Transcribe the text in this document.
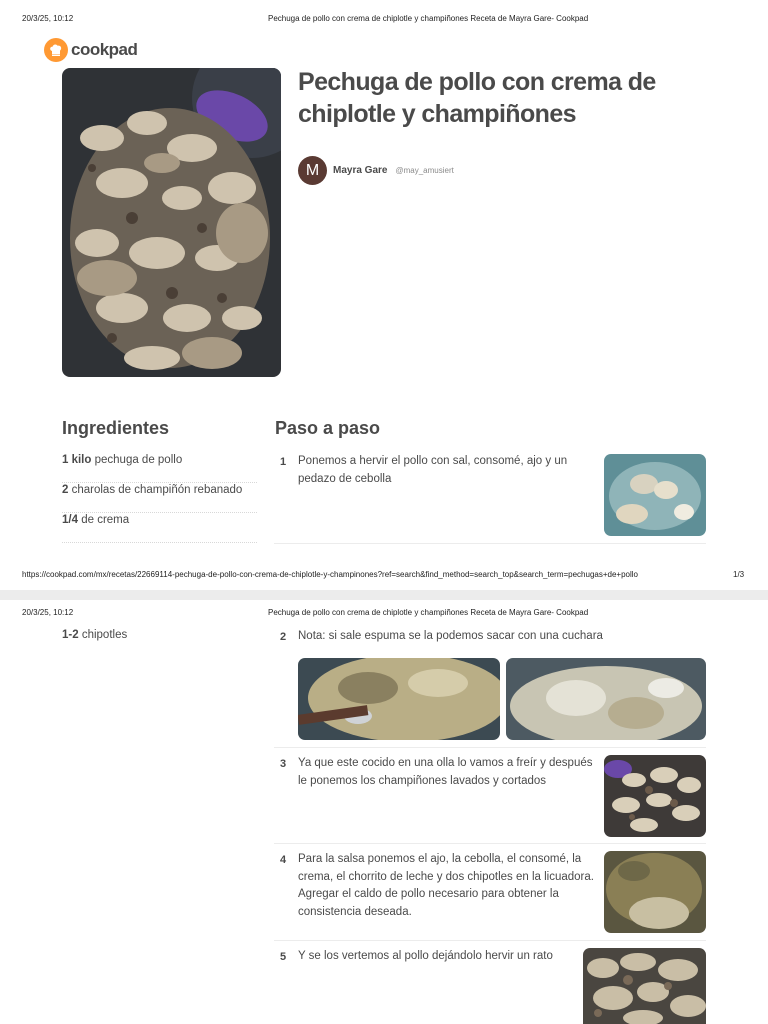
20/3/25, 10:12	Pechuga de pollo con crema de chiplotle y champiñones Receta de Mayra Gare- Cookpad
cookpad
Pechuga de pollo con crema de chiplotle y champiñones
M	Mayra Gare @may_amusiert
Ingredientes	Paso a paso
1 kilo pechuga de pollo
2 charolas de champiñón rebanado
1/4 de crema
1 Ponemos a hervir el pollo con sal, consomé, ajo y un pedazo de cebolla

https://cookpad.com/mx/recetas/22669114-pechuga-de-pollo-con-crema-de-chiplotle-y-champinones?ref=search&find_method=search_top&search_term=pechugas+de+pollo	1/3
20/3/25, 10:12	Pechuga de pollo con crema de chiplotle y champiñones Receta de Mayra Gare- Cookpad
1-2 chipotles	2 Nota: si sale espuma se la podemos sacar con una cuchara

3 Ya que este cocido en una olla lo vamos a freír y después le ponemos los champiñones lavados y cortados

4 Para la salsa ponemos el ajo, la cebolla, el consomé, la crema, el chorrito de leche y dos chipotles en la licuadora. Agregar el caldo de pollo necesario para obtener la consistencia deseada.

5 Y se los vertemos al pollo dejándolo hervir un rato
